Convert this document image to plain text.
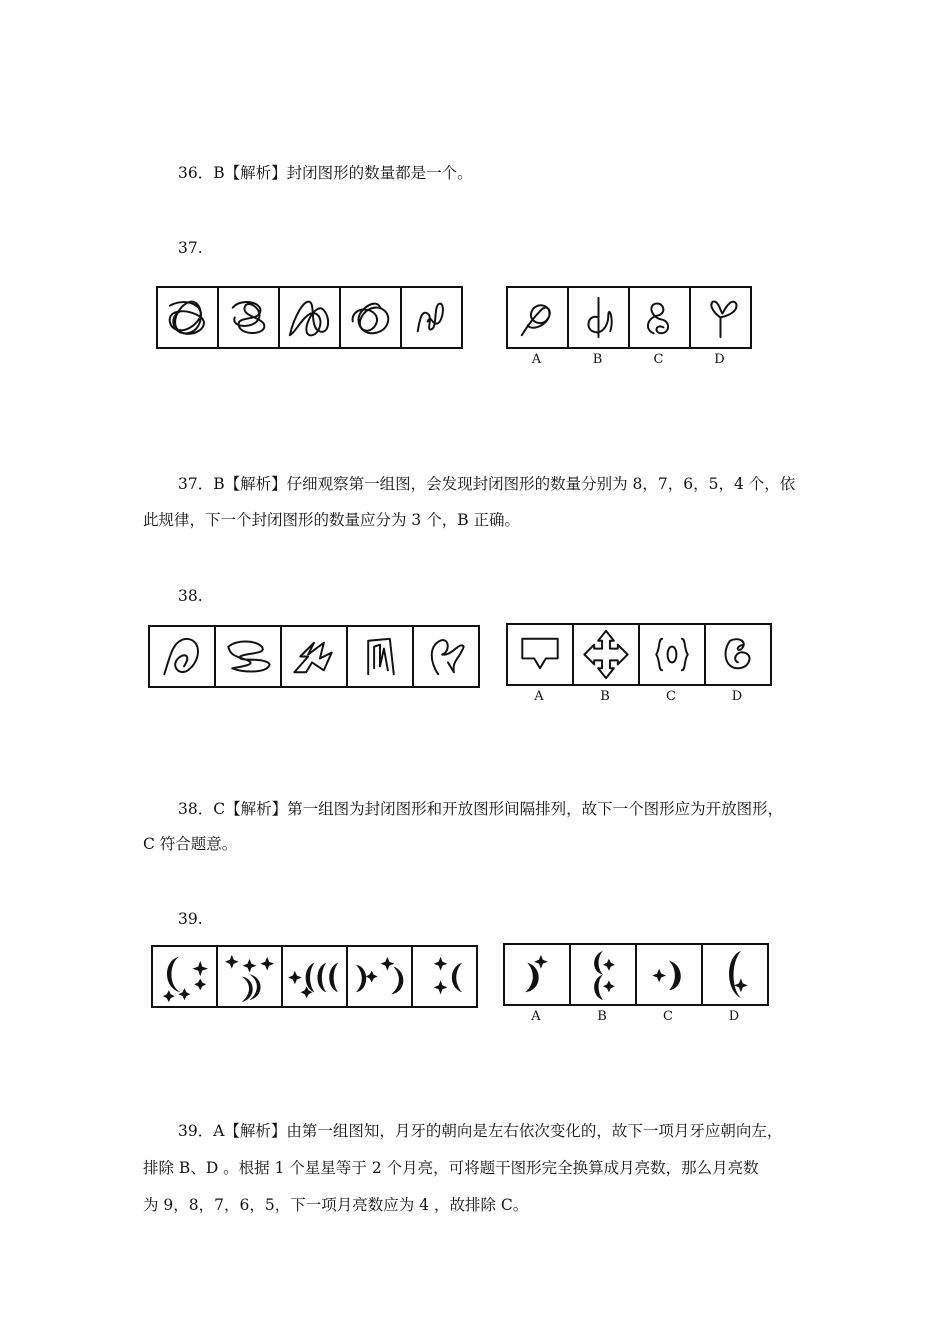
36．B【解析】封闭图形的数量都是一个。
37.
A	B	C	D
37．B【解析】仔细观察第一组图，会发现封闭图形的数量分别为 8，7，6，5，4 个，依
此规律，下一个封闭图形的数量应分为 3 个，B 正确。
38.
A	B	C	D
38．C【解析】第一组图为封闭图形和开放图形间隔排列，故下一个图形应为开放图形，
C 符合题意。
39.
A	B	C	D
39．A【解析】由第一组图知，月牙的朝向是左右依次变化的，故下一项月牙应朝向左，
排除 B、D 。根据 1 个星星等于 2 个月亮，可将题干图形完全换算成月亮数，那么月亮数
为 9，8，7，6，5，下一项月亮数应为 4 ，故排除 C。
